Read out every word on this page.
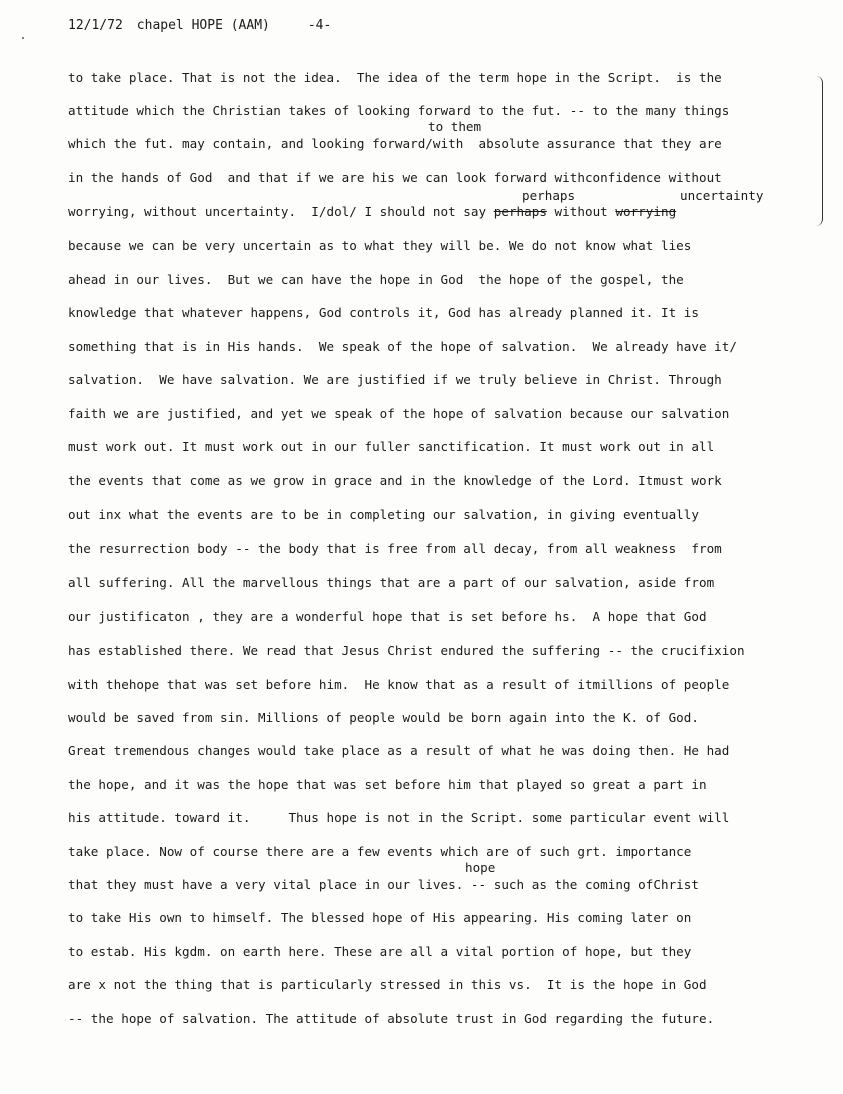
12/1/72 chapel HOPE (AAM)	-4-
to them
perhaps	uncertainty
hope
to take place. That is not the idea.  The idea of the term hope in the Script.  is the
attitude which the Christian takes of looking forward to the fut. -- to the many things
which the fut. may contain, and looking forward/with  absolute assurance that they are
in the hands of God  and that if we are his we can look forward withconfidence without
worrying, without uncertainty.  I/dol/ I should not say perhaps without worrying
because we can be very uncertain as to what they will be. We do not know what lies
ahead in our lives.  But we can have the hope in God  the hope of the gospel, the
knowledge that whatever happens, God controls it, God has already planned it. It is
something that is in His hands.  We speak of the hope of salvation.  We already have it/
salvation.  We have salvation. We are justified if we truly believe in Christ. Through
faith we are justified, and yet we speak of the hope of salvation because our salvation
must work out. It must work out in our fuller sanctification. It must work out in all
the events that come as we grow in grace and in the knowledge of the Lord. Itmust work
out inx what the events are to be in completing our salvation, in giving eventually
the resurrection body -- the body that is free from all decay, from all weakness  from
all suffering. All the marvellous things that are a part of our salvation, aside from
our justificaton , they are a wonderful hope that is set before hs.  A hope that God
has established there. We read that Jesus Christ endured the suffering -- the crucifixion
with thehope that was set before him.  He know that as a result of itmillions of people
would be saved from sin. Millions of people would be born again into the K. of God.
Great tremendous changes would take place as a result of what he was doing then. He had
the hope, and it was the hope that was set before him that played so great a part in
his attitude. toward it.     Thus hope is not in the Script. some particular event will
take place. Now of course there are a few events which are of such grt. importance
that they must have a very vital place in our lives. -- such as the coming ofChrist
to take His own to himself. The blessed hope of His appearing. His coming later on
to estab. His kgdm. on earth here. These are all a vital portion of hope, but they
are x not the thing that is particularly stressed in this vs.  It is the hope in God
-- the hope of salvation. The attitude of absolute trust in God regarding the future.
